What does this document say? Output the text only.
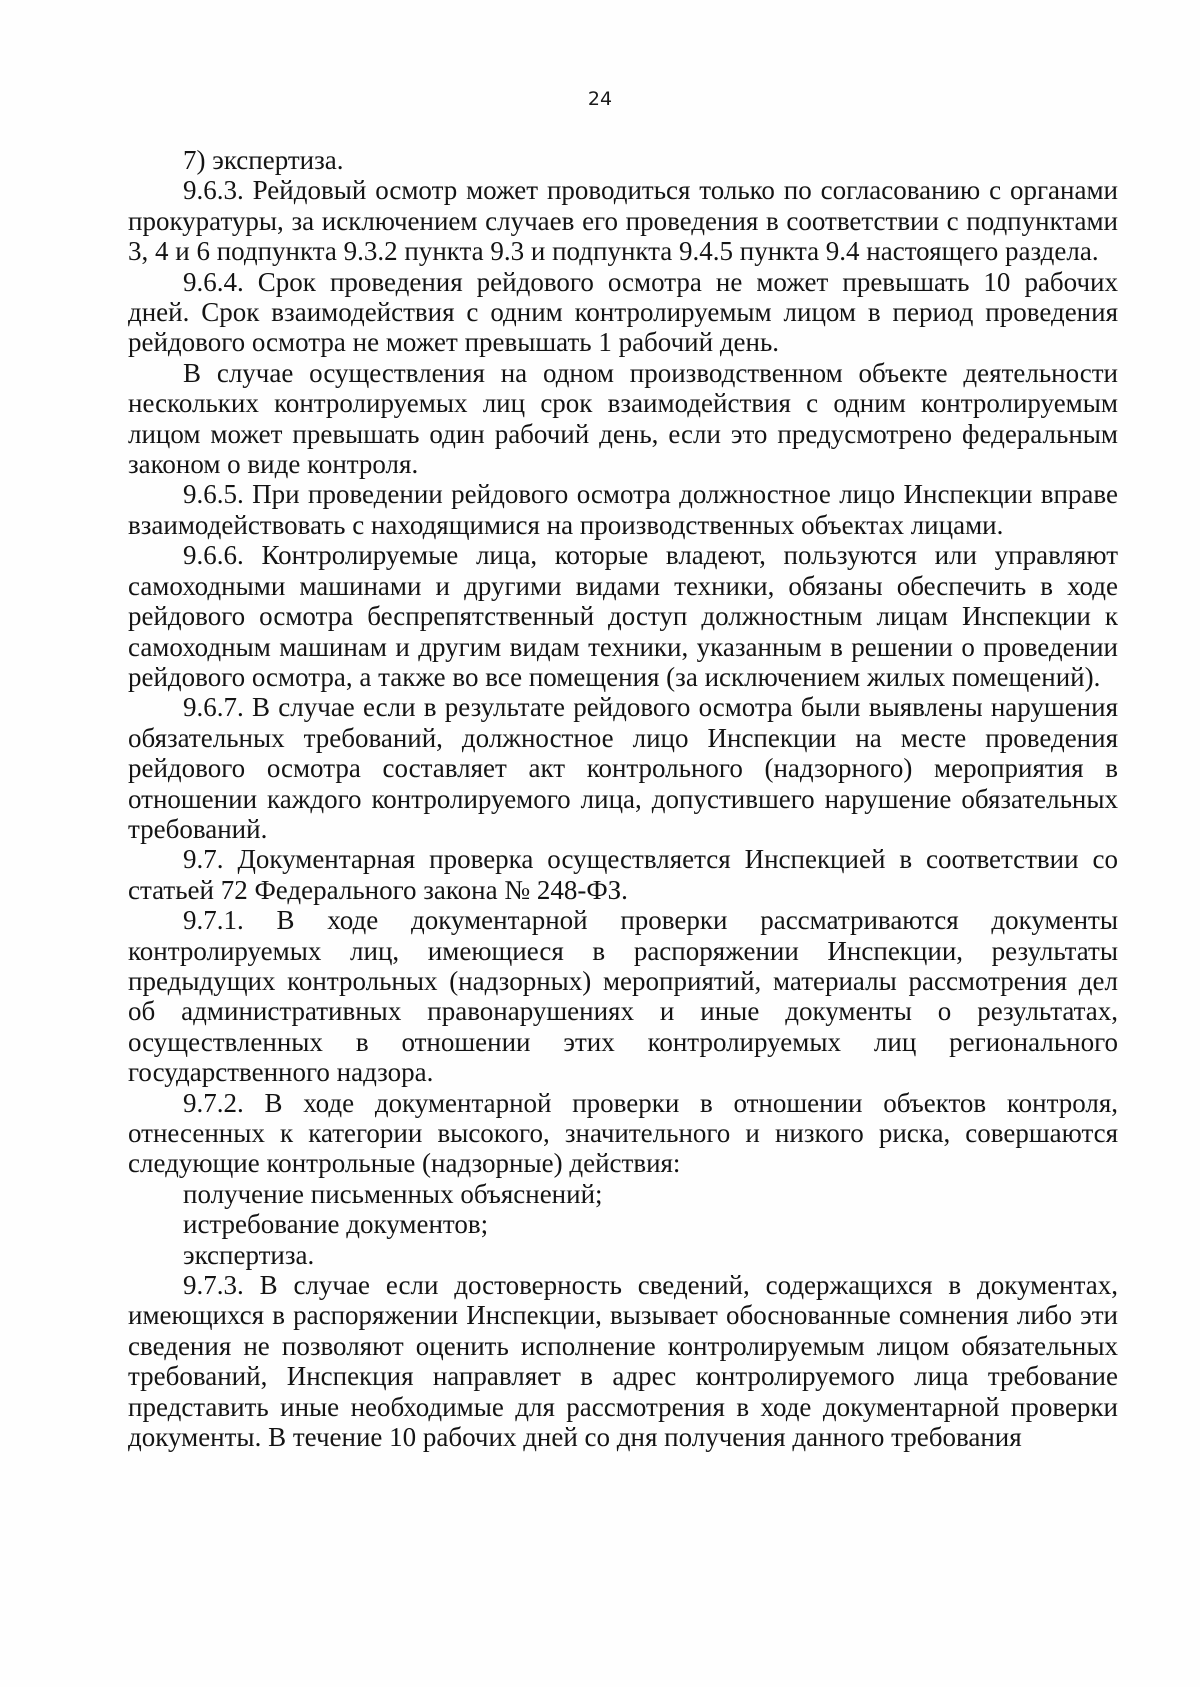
24

7) экспертиза.

9.6.3. Рейдовый осмотр может проводиться только по согласованию с органами прокуратуры, за исключением случаев его проведения в соответствии с подпунктами 3, 4 и 6 подпункта 9.3.2 пункта 9.3 и подпункта 9.4.5 пункта 9.4 настоящего раздела.

9.6.4. Срок проведения рейдового осмотра не может превышать 10 рабочих дней. Срок взаимодействия с одним контролируемым лицом в период проведения рейдового осмотра не может превышать 1 рабочий день.

В случае осуществления на одном производственном объекте деятельности нескольких контролируемых лиц срок взаимодействия с одним контролируемым лицом может превышать один рабочий день, если это предусмотрено федеральным законом о виде контроля.

9.6.5. При проведении рейдового осмотра должностное лицо Инспекции вправе взаимодействовать с находящимися на производственных объектах лицами.

9.6.6. Контролируемые лица, которые владеют, пользуются или управляют самоходными машинами и другими видами техники, обязаны обеспечить в ходе рейдового осмотра беспрепятственный доступ должностным лицам Инспекции к самоходным машинам и другим видам техники, указанным в решении о проведении рейдового осмотра, а также во все помещения (за исключением жилых помещений).

9.6.7. В случае если в результате рейдового осмотра были выявлены нарушения обязательных требований, должностное лицо Инспекции на месте проведения рейдового осмотра составляет акт контрольного (надзорного) мероприятия в отношении каждого контролируемого лица, допустившего нарушение обязательных требований.

9.7. Документарная проверка осуществляется Инспекцией в соответствии со статьей 72 Федерального закона № 248-ФЗ.

9.7.1. В ходе документарной проверки рассматриваются документы контролируемых лиц, имеющиеся в распоряжении Инспекции, результаты предыдущих контрольных (надзорных) мероприятий, материалы рассмотрения дел об административных правонарушениях и иные документы о результатах, осуществленных в отношении этих контролируемых лиц регионального государственного надзора.

9.7.2. В ходе документарной проверки в отношении объектов контроля, отнесенных к категории высокого, значительного и низкого риска, совершаются следующие контрольные (надзорные) действия:

получение письменных объяснений;

истребование документов;

экспертиза.

9.7.3. В случае если достоверность сведений, содержащихся в документах, имеющихся в распоряжении Инспекции, вызывает обоснованные сомнения либо эти сведения не позволяют оценить исполнение контролируемым лицом обязательных требований, Инспекция направляет в адрес контролируемого лица требование представить иные необходимые для рассмотрения в ходе документарной проверки документы. В течение 10 рабочих дней со дня получения данного требования
